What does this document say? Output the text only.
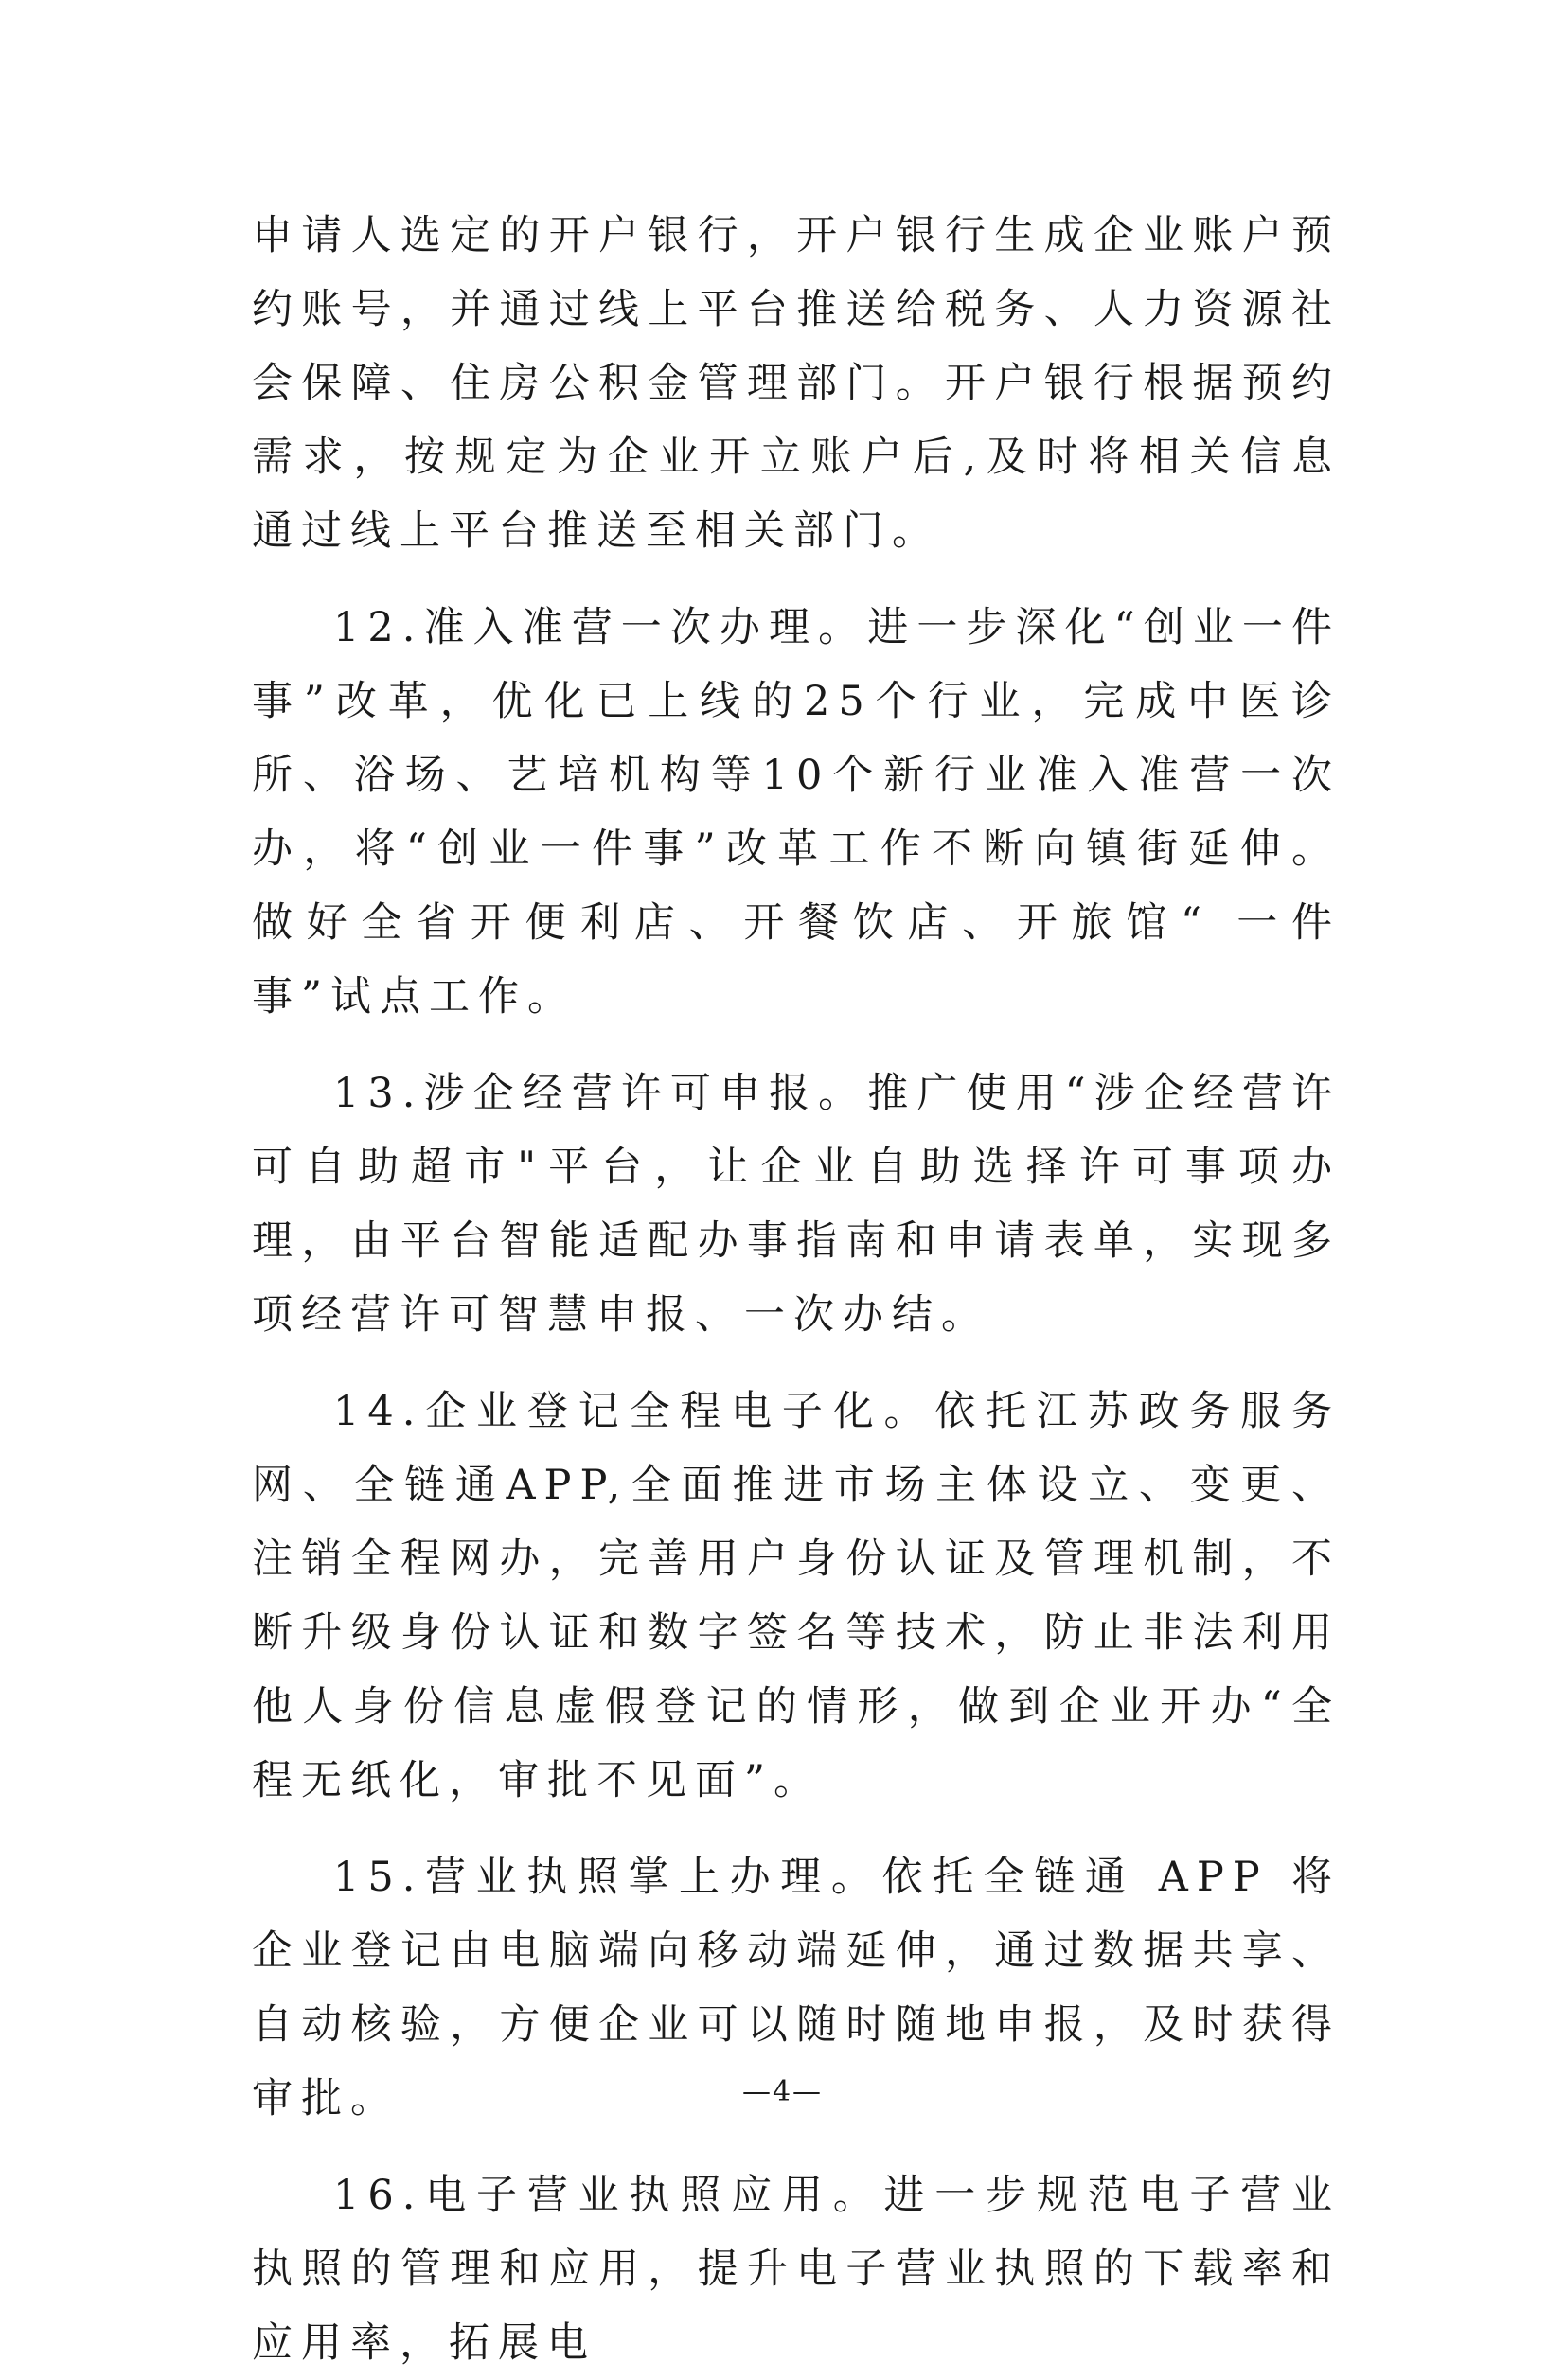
申请人选定的开户银行，开户银行生成企业账户预约账号，并通过线上平台推送给税务、人力资源社会保障、住房公积金管理部门。开户银行根据预约需求，按规定为企业开立账户后,及时将相关信息通过线上平台推送至相关部门。

12.准入准营一次办理。进一步深化“创业一件事”改革，优化已上线的25个行业，完成中医诊所、浴场、艺培机构等10个新行业准入准营一次办，将“创业一件事”改革工作不断向镇街延伸。做好全省开便利店、开餐饮店、开旅馆“ 一件事”试点工作。

13.涉企经营许可申报。推广使用“涉企经营许可自助超市"平台，让企业自助选择许可事项办理，由平台智能适配办事指南和申请表单，实现多项经营许可智慧申报、一次办结。

14.企业登记全程电子化。依托江苏政务服务网、全链通APP,全面推进市场主体设立、变更、注销全程网办，完善用户身份认证及管理机制，不断升级身份认证和数字签名等技术，防止非法利用他人身份信息虚假登记的情形，做到企业开办“全程无纸化，审批不见面”。

15.营业执照掌上办理。依托全链通 APP 将企业登记由电脑端向移动端延伸，通过数据共享、自动核验，方便企业可以随时随地申报，及时获得审批。

16.电子营业执照应用。进一步规范电子营业执照的管理和应用，提升电子营业执照的下载率和应用率，拓展电

—4—
